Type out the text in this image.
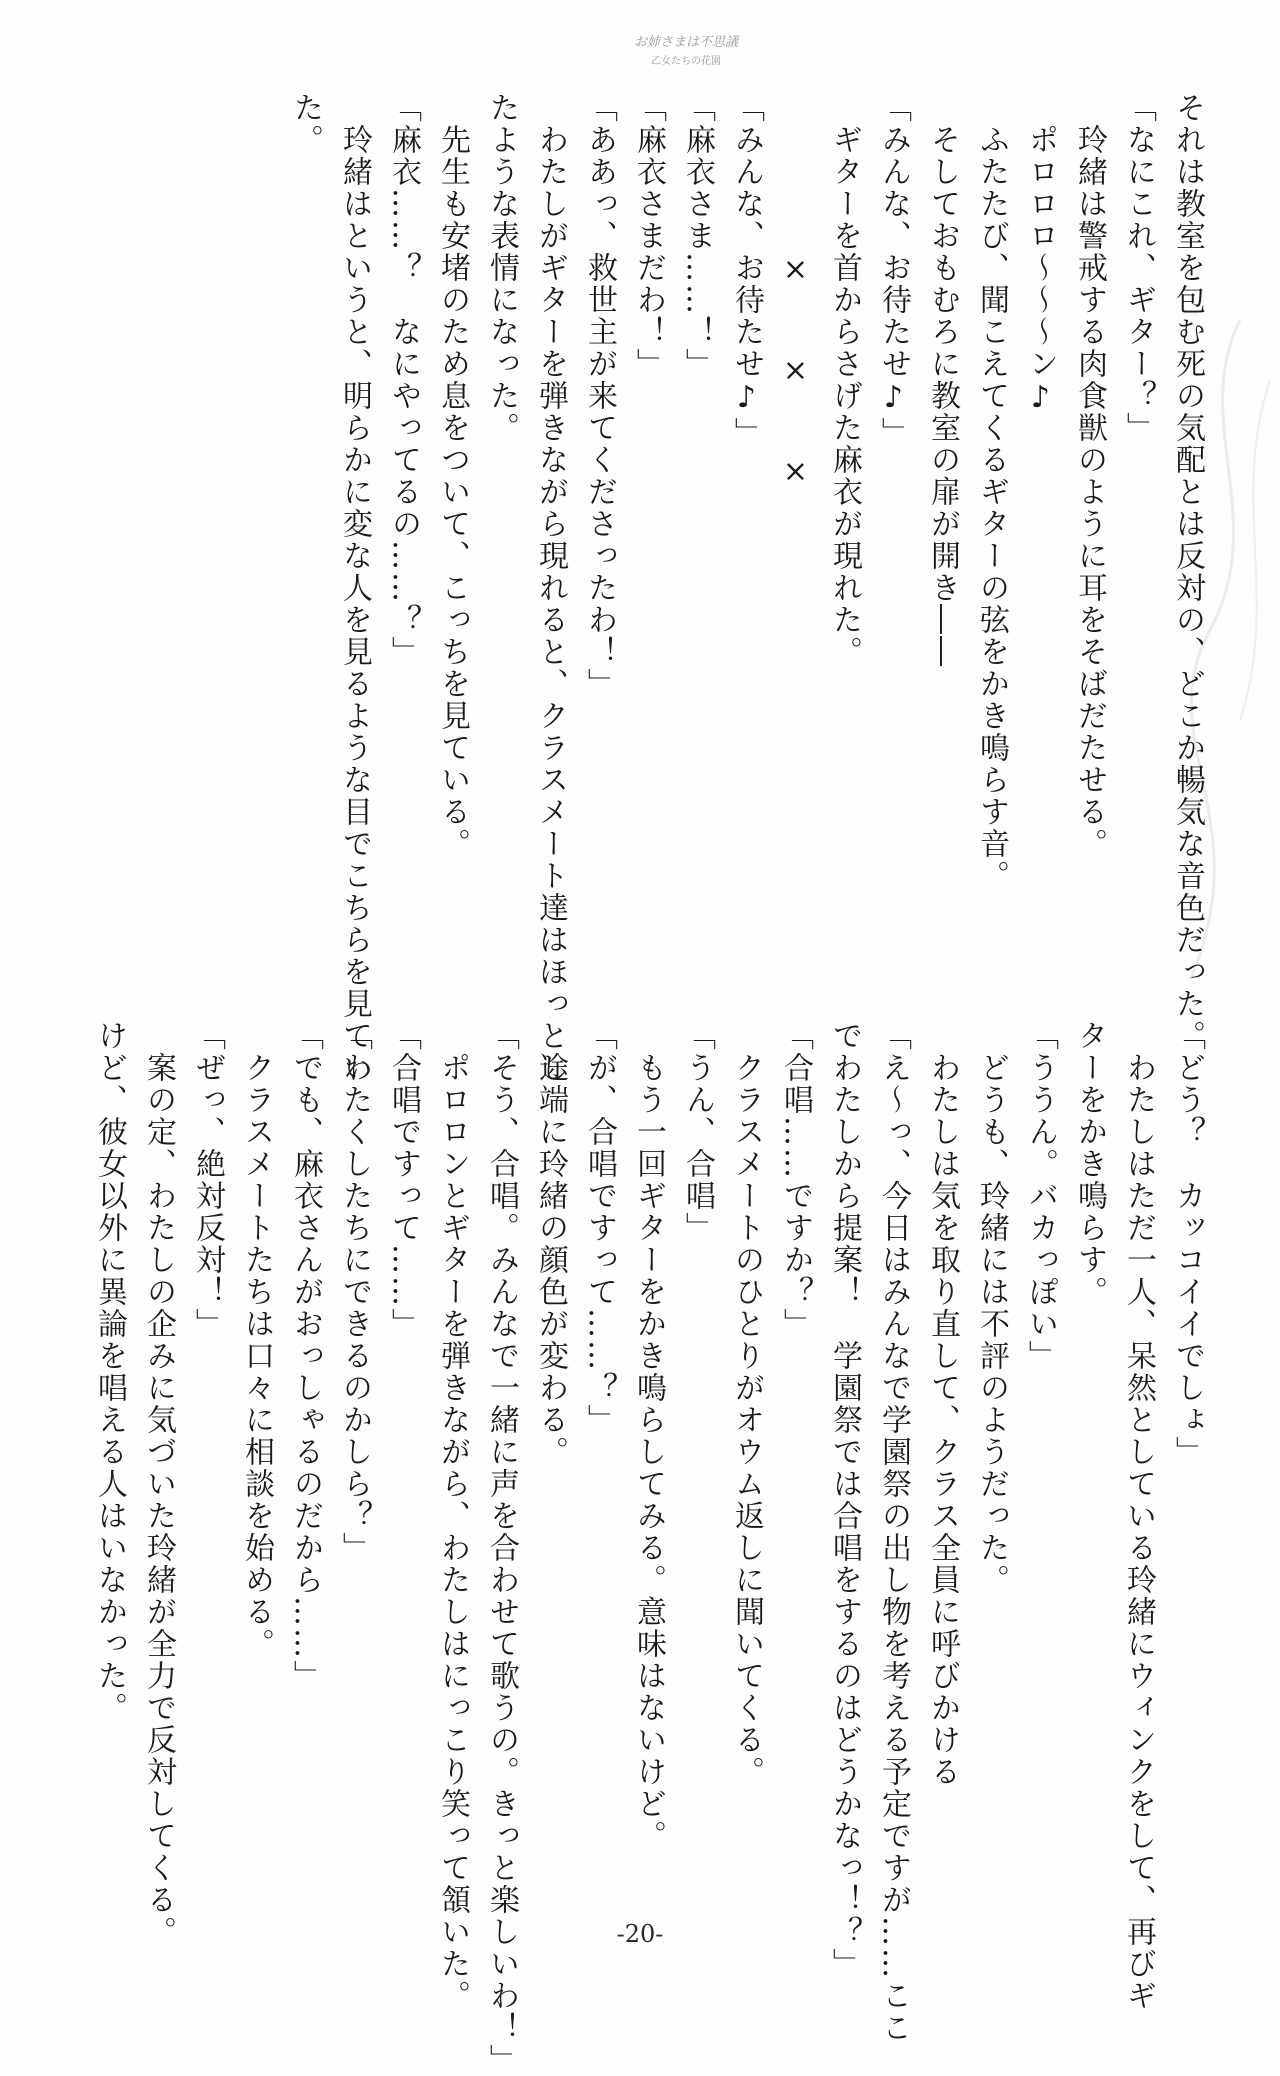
お姉さまは不思議
乙女たちの花園

それは教室を包む死の気配とは反対の、どこか暢気な音色だった。

「なにこれ、ギター？」

　玲緒は警戒する肉食獣のように耳をそばだたせる。

　ポロロロ〜〜〜ン♪

　ふたたび、聞こえてくるギターの弦をかき鳴らす音。

　そしておもむろに教室の扉が開き――

「みんな、お待たせ♪」

　ギターを首からさげた麻衣が現れた。

　　　　　×　　×　　×

「みんな、お待たせ♪」

「麻衣さま……！」

「麻衣さまだわ！」

「ああっ、救世主が来てくださったわ！」

　わたしがギターを弾きながら現れると、クラスメート達はほっとし

たような表情になった。

　先生も安堵のため息をついて、こっちを見ている。

「麻衣……？　なにやってるの……？」

　玲緒はというと、明らかに変な人を見るような目でこちらを見てい

た。

「どう？　カッコイイでしょ」

　わたしはただ一人、呆然としている玲緒にウィンクをして、再びギ

ターをかき鳴らす。

「ううん。バカっぽい」

　どうも、玲緒には不評のようだった。

　わたしは気を取り直して、クラス全員に呼びかける

「え〜っ、今日はみんなで学園祭の出し物を考える予定ですが……ここ

でわたしから提案！　学園祭では合唱をするのはどうかなっ！？」

「合唱……ですか？」

　クラスメートのひとりがオウム返しに聞いてくる。

「うん、合唱」

　もう一回ギターをかき鳴らしてみる。意味はないけど。

「が、合唱ですって……？」

　途端に玲緒の顔色が変わる。

「そう、合唱。みんなで一緒に声を合わせて歌うの。きっと楽しいわ！」

　ポロロンとギターを弾きながら、わたしはにっこり笑って頷いた。

「合唱ですって……」

「わたくしたちにできるのかしら？」

「でも、麻衣さんがおっしゃるのだから……」

　クラスメートたちは口々に相談を始める。

「ぜっ、絶対反対！」

　案の定、わたしの企みに気づいた玲緒が全力で反対してくる。

けど、彼女以外に異論を唱える人はいなかった。

-20-
